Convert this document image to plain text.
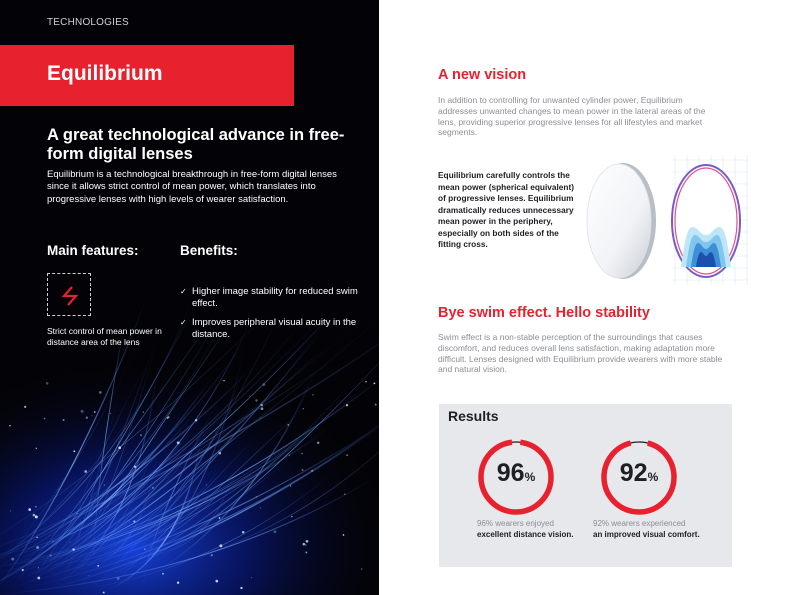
TECHNOLOGIES
Equilibrium
A great technological advance in free-form digital lenses
Equilibrium is a technological breakthrough in free-form digital lenses since it allows strict control of mean power, which translates into progressive lenses with high levels of wearer satisfaction.
Main features:	Benefits:
Strict control of mean power in distance area of the lens
✓ Higher image stability for reduced swim effect.
✓ Improves peripheral visual acuity in the distance.
A new vision
In addition to controlling for unwanted cylinder power, Equilibrium addresses unwanted changes to mean power in the lateral areas of the lens, providing superior progressive lenses for all lifestyles and market segments.
Equilibrium carefully controls the mean power (spherical equivalent) of progressive lenses. Equilibrium dramatically reduces unnecessary mean power in the periphery, especially on both sides of the fitting cross.
Bye swim effect. Hello stability
Swim effect is a non-stable perception of the surroundings that causes discomfort, and reduces overall lens satisfaction, making adaptation more difficult. Lenses designed with Equilibrium provide wearers with more stable and natural vision.
Results
96%	92%
96% wearers enjoyed
excellent distance vision.
92% wearers experienced
an improved visual comfort.
